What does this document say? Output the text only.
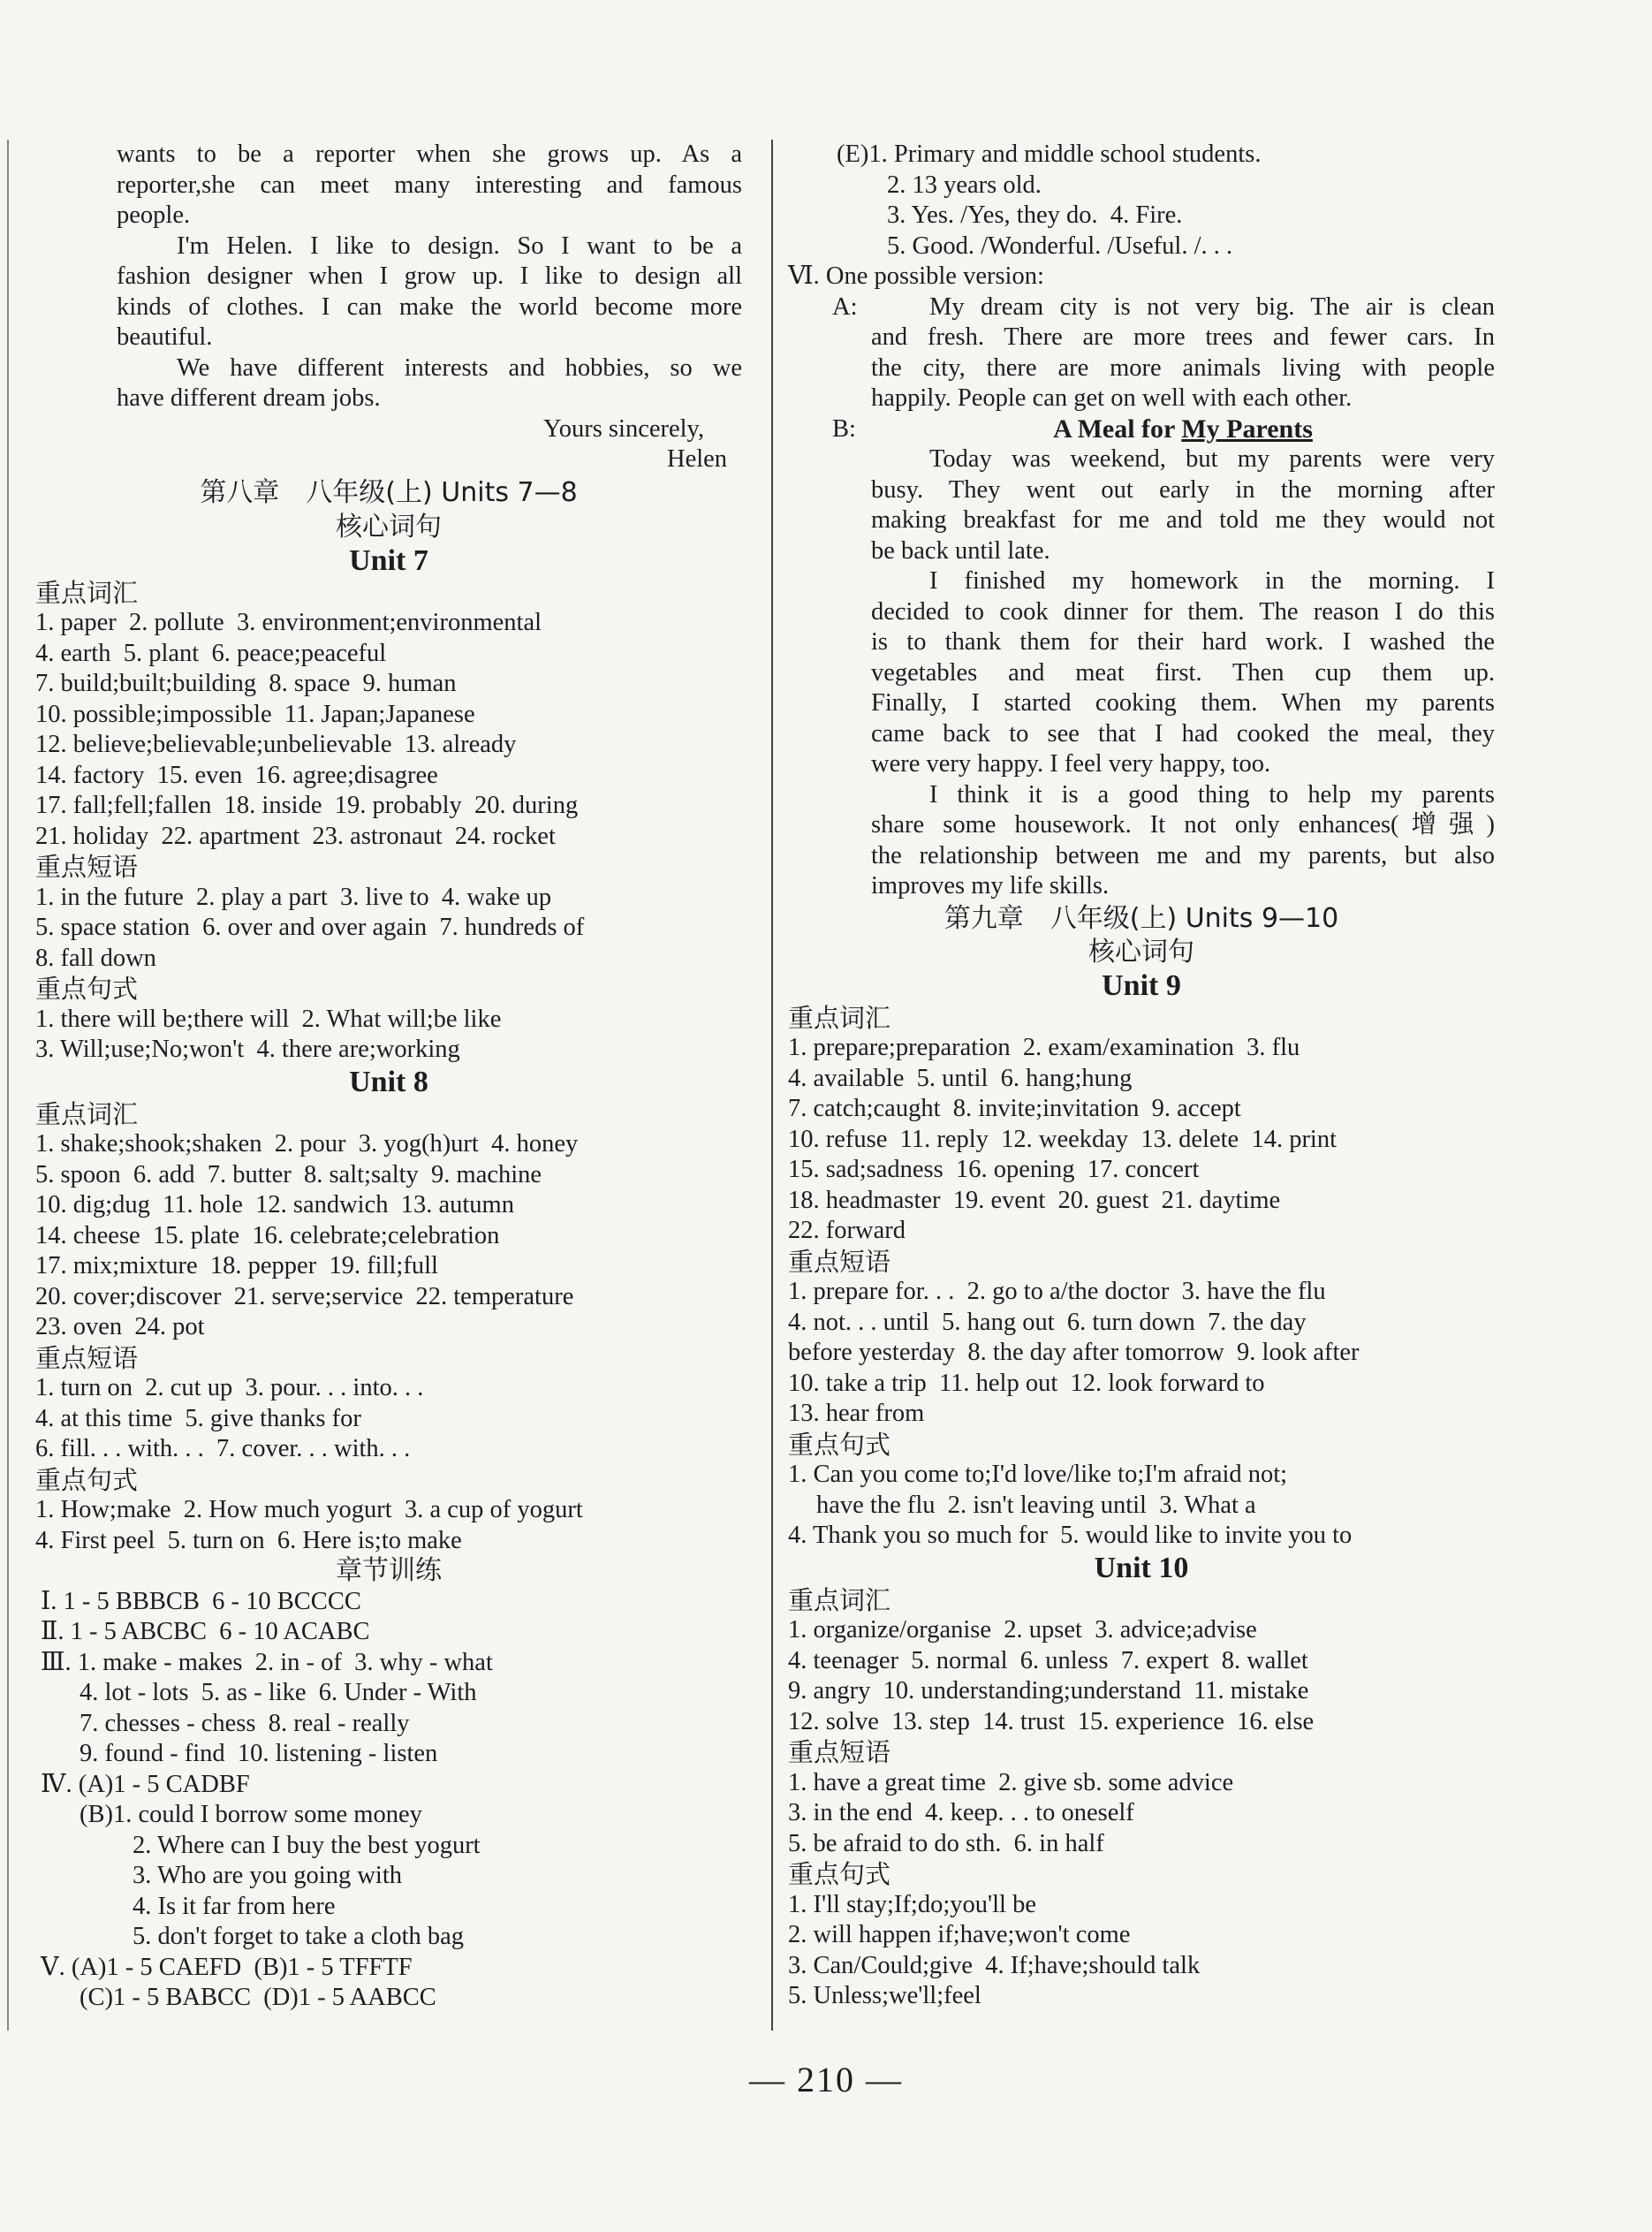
wants to be a reporter when she grows up. As a
reporter,she can meet many interesting and famous
people.
I'm Helen. I like to design. So I want to be a
fashion designer when I grow up. I like to design all
kinds of clothes. I can make the world become more
beautiful.
We have different interests and hobbies, so we
have different dream jobs.
Yours sincerely,
Helen
第八章　八年级(上) Units 7—8
核心词句
Unit 7
重点词汇
1. paper  2. pollute  3. environment;environmental
4. earth  5. plant  6. peace;peaceful
7. build;built;building  8. space  9. human
10. possible;impossible  11. Japan;Japanese
12. believe;believable;unbelievable  13. already
14. factory  15. even  16. agree;disagree
17. fall;fell;fallen  18. inside  19. probably  20. during
21. holiday  22. apartment  23. astronaut  24. rocket
重点短语
1. in the future  2. play a part  3. live to  4. wake up
5. space station  6. over and over again  7. hundreds of
8. fall down
重点句式
1. there will be;there will  2. What will;be like
3. Will;use;No;won't  4. there are;working
Unit 8
重点词汇
1. shake;shook;shaken  2. pour  3. yog(h)urt  4. honey
5. spoon  6. add  7. butter  8. salt;salty  9. machine
10. dig;dug  11. hole  12. sandwich  13. autumn
14. cheese  15. plate  16. celebrate;celebration
17. mix;mixture  18. pepper  19. fill;full
20. cover;discover  21. serve;service  22. temperature
23. oven  24. pot
重点短语
1. turn on  2. cut up  3. pour. . . into. . .
4. at this time  5. give thanks for
6. fill. . . with. . .  7. cover. . . with. . .
重点句式
1. How;make  2. How much yogurt  3. a cup of yogurt
4. First peel  5. turn on  6. Here is;to make
章节训练
Ⅰ. 1 - 5 BBBCB  6 - 10 BCCCC
Ⅱ. 1 - 5 ABCBC  6 - 10 ACABC
Ⅲ. 1. make - makes  2. in - of  3. why - what
4. lot - lots  5. as - like  6. Under - With
7. chesses - chess  8. real - really
9. found - find  10. listening - listen
Ⅳ. (A)1 - 5 CADBF
(B)1. could I borrow some money
2. Where can I buy the best yogurt
3. Who are you going with
4. Is it far from here
5. don't forget to take a cloth bag
Ⅴ. (A)1 - 5 CAEFD  (B)1 - 5 TFFTF
(C)1 - 5 BABCC  (D)1 - 5 AABCC
(E)1. Primary and middle school students.
2. 13 years old.
3. Yes. /Yes, they do.  4. Fire.
5. Good. /Wonderful. /Useful. /. . .
Ⅵ. One possible version:
A:	My dream city is not very big. The air is clean
and fresh. There are more trees and fewer cars. In
the city, there are more animals living with people
happily. People can get on well with each other.
B:	A Meal for My Parents
Today was weekend, but my parents were very
busy. They went out early in the morning after
making breakfast for me and told me they would not
be back until late.
I finished my homework in the morning. I
decided to cook dinner for them. The reason I do this
is to thank them for their hard work. I washed the
vegetables and meat first. Then cup them up.
Finally, I started cooking them. When my parents
came back to see that I had cooked the meal, they
were very happy. I feel very happy, too.
I think it is a good thing to help my parents
share some housework. It not only enhances(增强)
the relationship between me and my parents, but also
improves my life skills.
第九章　八年级(上) Units 9—10
核心词句
Unit 9
重点词汇
1. prepare;preparation  2. exam/examination  3. flu
4. available  5. until  6. hang;hung
7. catch;caught  8. invite;invitation  9. accept
10. refuse  11. reply  12. weekday  13. delete  14. print
15. sad;sadness  16. opening  17. concert
18. headmaster  19. event  20. guest  21. daytime
22. forward
重点短语
1. prepare for. . .  2. go to a/the doctor  3. have the flu
4. not. . . until  5. hang out  6. turn down  7. the day
before yesterday  8. the day after tomorrow  9. look after
10. take a trip  11. help out  12. look forward to
13. hear from
重点句式
1. Can you come to;I'd love/like to;I'm afraid not;
have the flu  2. isn't leaving until  3. What a
4. Thank you so much for  5. would like to invite you to
Unit 10
重点词汇
1. organize/organise  2. upset  3. advice;advise
4. teenager  5. normal  6. unless  7. expert  8. wallet
9. angry  10. understanding;understand  11. mistake
12. solve  13. step  14. trust  15. experience  16. else
重点短语
1. have a great time  2. give sb. some advice
3. in the end  4. keep. . . to oneself
5. be afraid to do sth.  6. in half
重点句式
1. I'll stay;If;do;you'll be
2. will happen if;have;won't come
3. Can/Could;give  4. If;have;should talk
5. Unless;we'll;feel
— 210 —
